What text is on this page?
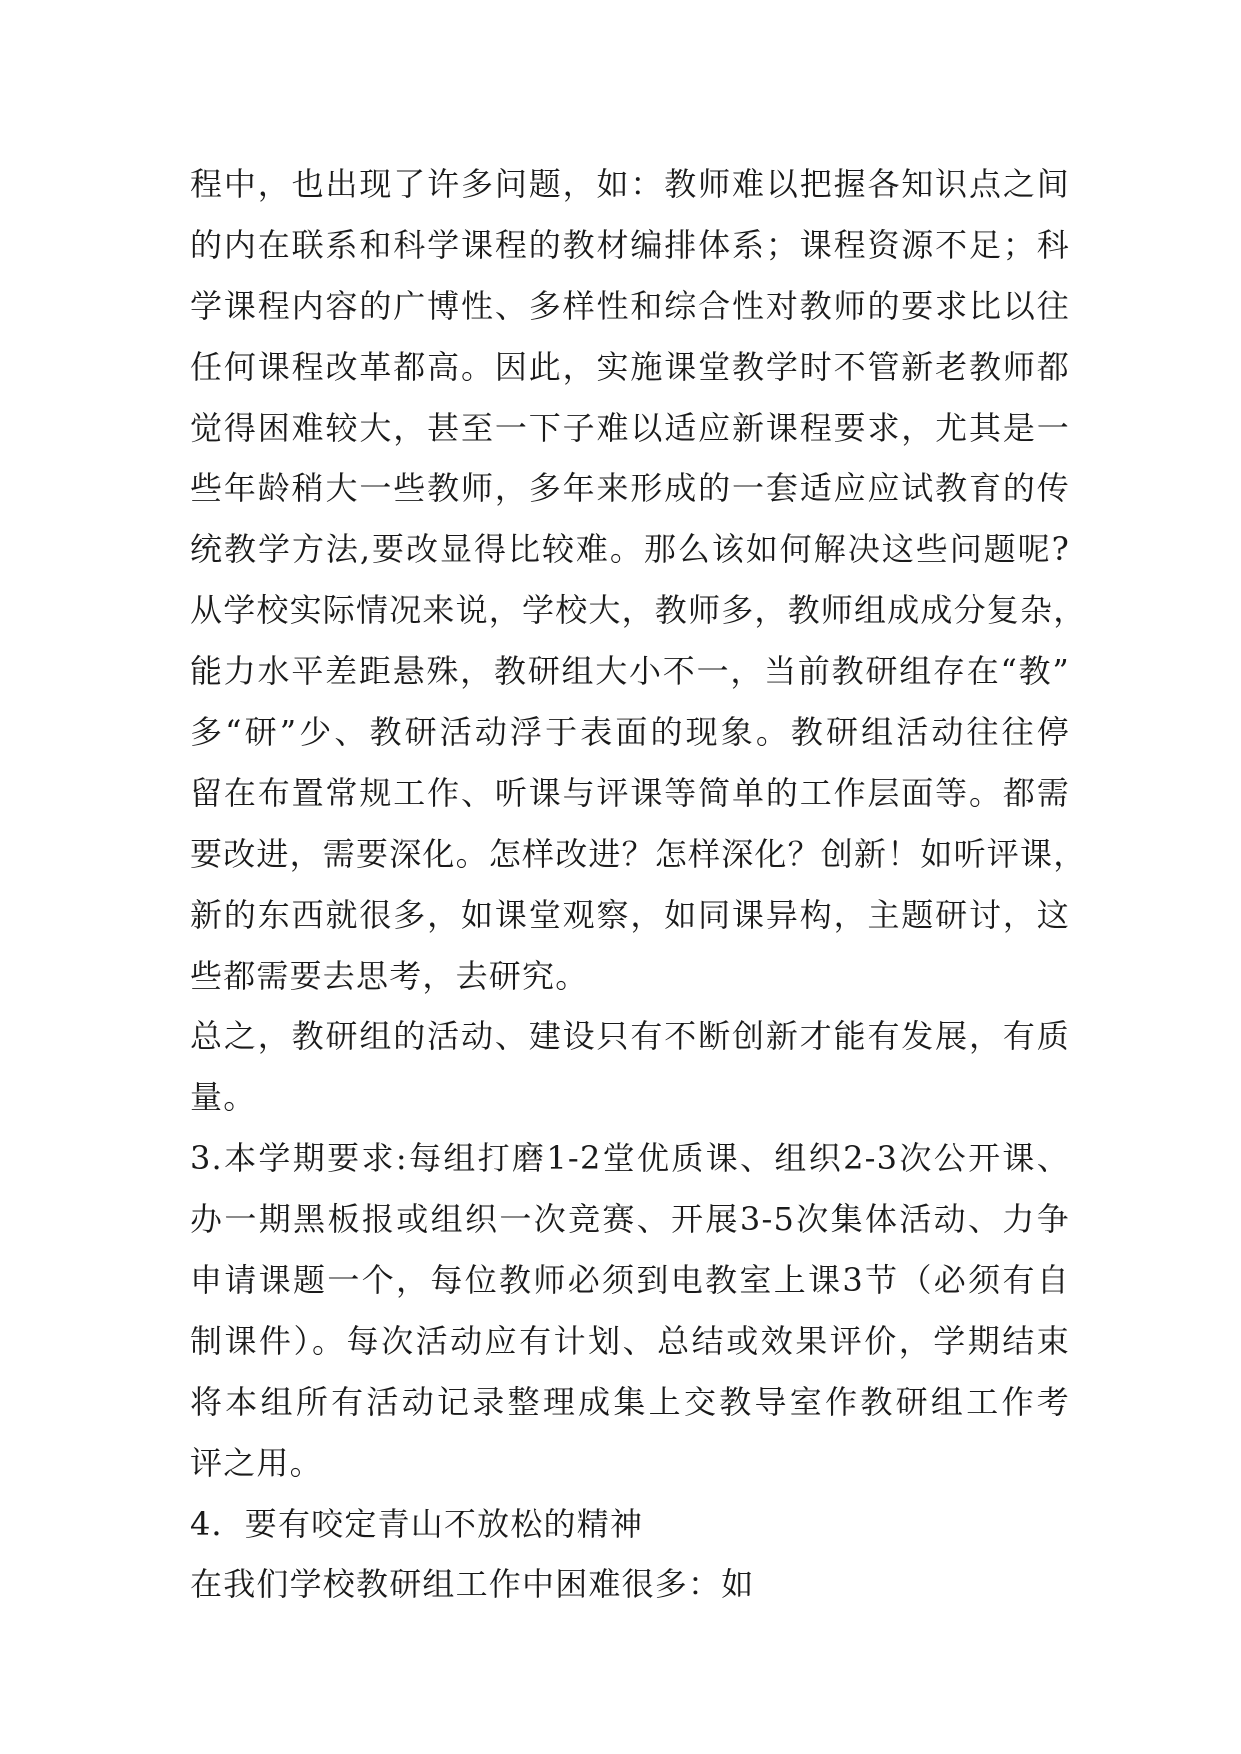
程中，也出现了许多问题，如：教师难以把握各知识点之间
的内在联系和科学课程的教材编排体系；课程资源不足；科
学课程内容的广博性、多样性和综合性对教师的要求比以往
任何课程改革都高。因此，实施课堂教学时不管新老教师都
觉得困难较大，甚至一下子难以适应新课程要求，尤其是一
些年龄稍大一些教师，多年来形成的一套适应应试教育的传
统教学方法,要改显得比较难。那么该如何解决这些问题呢?
从学校实际情况来说，学校大，教师多，教师组成成分复杂，
能力水平差距悬殊，教研组大小不一，当前教研组存在“教”
多“研”少、教研活动浮于表面的现象。教研组活动往往停
留在布置常规工作、听课与评课等简单的工作层面等。都需
要改进，需要深化。怎样改进？怎样深化？创新！如听评课，
新的东西就很多，如课堂观察，如同课异构，主题研讨，这
些都需要去思考，去研究。
总之，教研组的活动、建设只有不断创新才能有发展，有质
量。
3.本学期要求:每组打磨1-2堂优质课、组织2-3次公开课、
办一期黑板报或组织一次竞赛、开展3-5次集体活动、力争
申请课题一个，每位教师必须到电教室上课3节（必须有自
制课件）。每次活动应有计划、总结或效果评价，学期结束
将本组所有活动记录整理成集上交教导室作教研组工作考
评之用。
4．要有咬定青山不放松的精神
在我们学校教研组工作中困难很多：如
